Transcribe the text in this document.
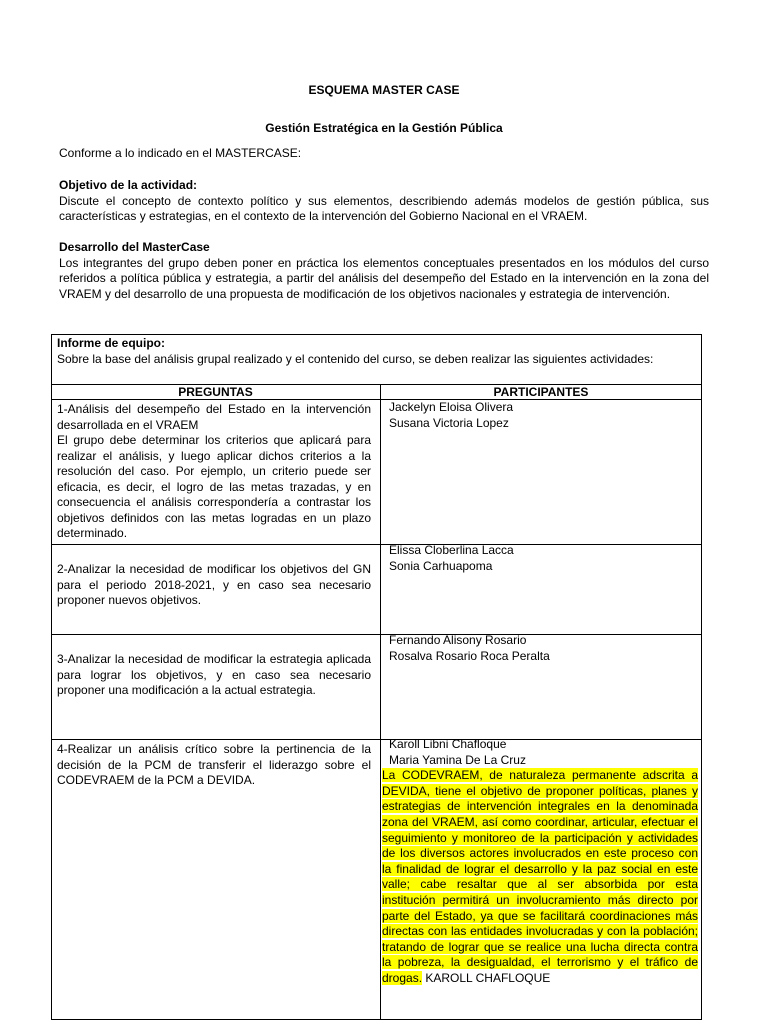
ESQUEMA MASTER CASE
Gestión Estratégica en la Gestión Pública

Conforme a lo indicado en el MASTERCASE:

Objetivo de la actividad:

Discute el concepto de contexto político y sus elementos, describiendo además modelos de gestión pública, sus características y estrategias, en el contexto de la intervención del Gobierno Nacional en el VRAEM.

Desarrollo del MasterCase

Los integrantes del grupo deben poner en práctica los elementos conceptuales presentados en los módulos del curso referidos a política pública y estrategia, a partir del análisis del desempeño del Estado en la intervención en la zona del VRAEM y del desarrollo de una propuesta de modificación de los objetivos nacionales y estrategia de intervención.

Informe de equipo:
Sobre la base del análisis grupal realizado y el contenido del curso, se deben realizar las siguientes actividades:
PREGUNTAS	PARTICIPANTES
1-Análisis del desempeño del Estado en la intervención desarrollada en el VRAEM
El grupo debe determinar los criterios que aplicará para realizar el análisis, y luego aplicar dichos criterios a la resolución del caso. Por ejemplo, un criterio puede ser eficacia, es decir, el logro de las metas trazadas, y en consecuencia el análisis correspondería a contrastar los objetivos definidos con las metas logradas en un plazo determinado.
Jackelyn Eloisa Olivera
Susana Victoria Lopez
2-Analizar la necesidad de modificar los objetivos del GN para el periodo 2018-2021, y en caso sea necesario proponer nuevos objetivos.
Elissa Cloberlina Lacca
Sonia Carhuapoma
3-Analizar la necesidad de modificar la estrategia aplicada para lograr los objetivos, y en caso sea necesario proponer una modificación a la actual estrategia.
Fernando Alisony Rosario
Rosalva Rosario Roca Peralta
4-Realizar un análisis crítico sobre la pertinencia de la decisión de la PCM de transferir el liderazgo sobre el CODEVRAEM de la PCM a DEVIDA.
Karoll Libni Chafloque
Maria Yamina De La Cruz
La CODEVRAEM, de naturaleza permanente adscrita a DEVIDA, tiene el objetivo de proponer políticas, planes y estrategias de intervención integrales en la denominada zona del VRAEM, así como coordinar, articular, efectuar el seguimiento y monitoreo de la participación y actividades de los diversos actores involucrados en este proceso con la finalidad de lograr el desarrollo y la paz social en este valle; cabe resaltar que al ser absorbida por esta institución permitirá un involucramiento más directo por parte del Estado, ya que se facilitará coordinaciones más directas con las entidades involucradas y con la población; tratando de lograr que se realice una lucha directa contra la pobreza, la desigualdad, el terrorismo y el tráfico de drogas. KAROLL CHAFLOQUE
